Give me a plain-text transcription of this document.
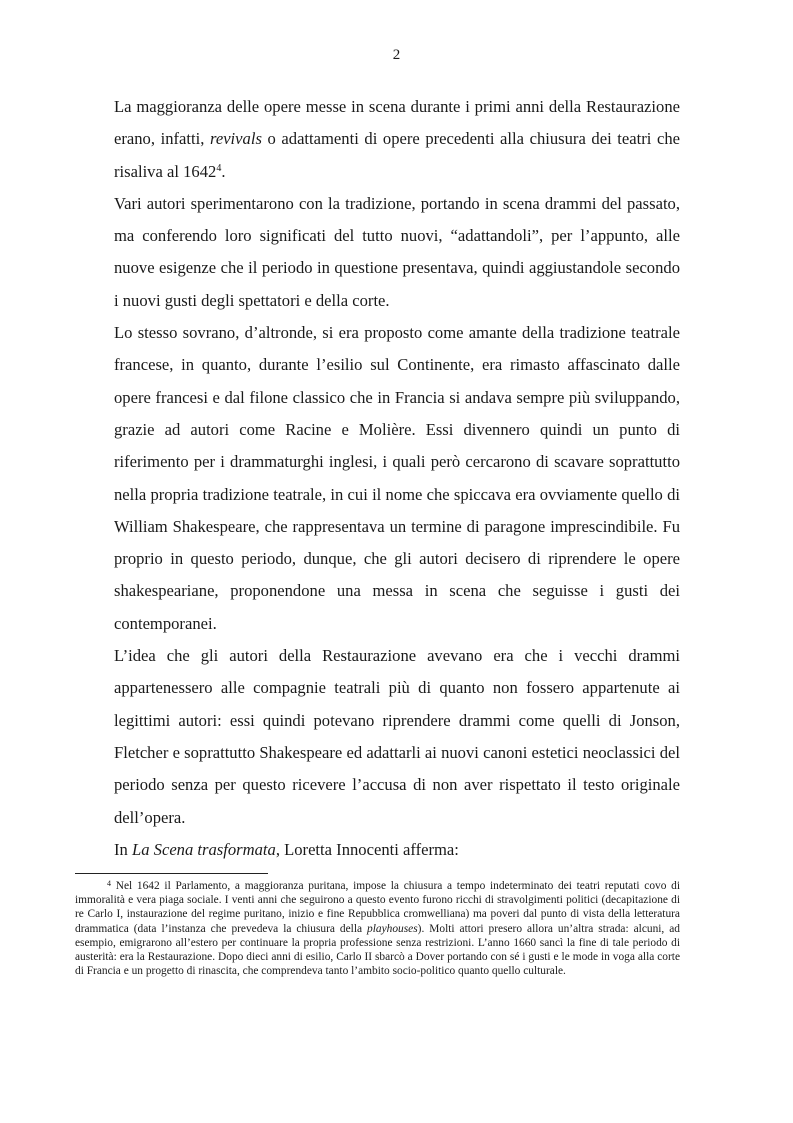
2

La maggioranza delle opere messe in scena durante i primi anni della Restaurazione erano, infatti, revivals o adattamenti di opere precedenti alla chiusura dei teatri che risaliva al 1642$^4$.

Vari autori sperimentarono con la tradizione, portando in scena drammi del passato, ma conferendo loro significati del tutto nuovi, “adattandoli”, per l’appunto, alle nuove esigenze che il periodo in questione presentava, quindi aggiustandole secondo i nuovi gusti degli spettatori e della corte.

Lo stesso sovrano, d’altronde, si era proposto come amante della tradizione teatrale francese, in quanto, durante l’esilio sul Continente, era rimasto affascinato dalle opere francesi e dal filone classico che in Francia si andava sempre più sviluppando, grazie ad autori come Racine e Molière. Essi divennero quindi un punto di riferimento per i drammaturghi inglesi, i quali però cercarono di scavare soprattutto nella propria tradizione teatrale, in cui il nome che spiccava era ovviamente quello di William Shakespeare, che rappresentava un termine di paragone imprescindibile. Fu proprio in questo periodo, dunque, che gli autori decisero di riprendere le opere shakespeariane, proponendone una messa in scena che seguisse i gusti dei contemporanei.

L’idea che gli autori della Restaurazione avevano era che i vecchi drammi appartenessero alle compagnie teatrali più di quanto non fossero appartenute ai legittimi autori: essi quindi potevano riprendere drammi come quelli di Jonson, Fletcher e soprattutto Shakespeare ed adattarli ai nuovi canoni estetici neoclassici del periodo senza per questo ricevere l’accusa di non aver rispettato il testo originale dell’opera.

In La Scena trasformata, Loretta Innocenti afferma:

$^4$ Nel 1642 il Parlamento, a maggioranza puritana, impose la chiusura a tempo indeterminato dei teatri reputati covo di immoralità e vera piaga sociale. I venti anni che seguirono a questo evento furono ricchi di stravolgimenti politici (decapitazione di re Carlo I, instaurazione del regime puritano, inizio e fine Repubblica cromwelliana) ma poveri dal punto di vista della letteratura drammatica (data l’instanza che prevedeva la chiusura della playhouses). Molti attori presero allora un’altra strada: alcuni, ad esempio, emigrarono all’estero per continuare la propria professione senza restrizioni. L’anno 1660 sancì la fine di tale periodo di austerità: era la Restaurazione. Dopo dieci anni di esilio, Carlo II sbarcò a Dover portando con sé i gusti e le mode in voga alla corte di Francia e un progetto di rinascita, che comprendeva tanto l’ambito socio-politico quanto quello culturale.
